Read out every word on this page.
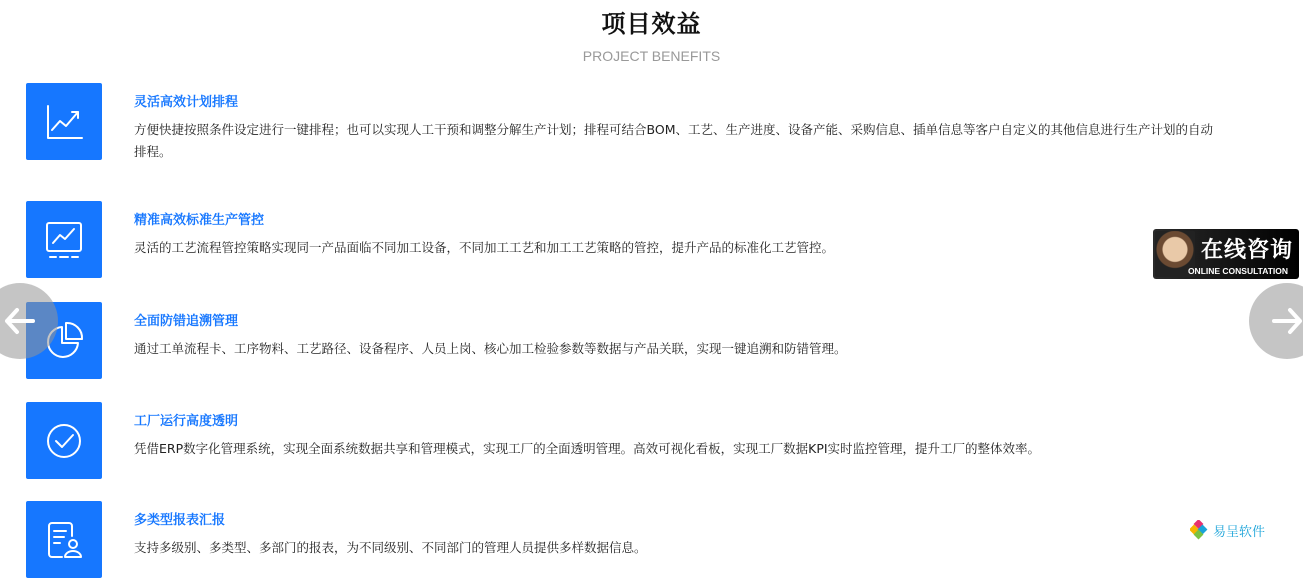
项目效益
PROJECT BENEFITS
灵活高效计划排程
方便快捷按照条件设定进行一键排程；也可以实现人工干预和调整分解生产计划；排程可结合BOM、工艺、生产进度、设备产能、采购信息、插单信息等客户自定义的其他信息进行生产计划的自动排程。
精准高效标准生产管控
灵活的工艺流程管控策略实现同一产品面临不同加工设备，不同加工工艺和加工工艺策略的管控，提升产品的标准化工艺管控。
全面防错追溯管理
通过工单流程卡、工序物料、工艺路径、设备程序、人员上岗、核心加工检验参数等数据与产品关联，实现一键追溯和防错管理。
工厂运行高度透明
凭借ERP数字化管理系统，实现全面系统数据共享和管理模式，实现工厂的全面透明管理。高效可视化看板，实现工厂数据KPI实时监控管理，提升工厂的整体效率。
多类型报表汇报
支持多级别、多类型、多部门的报表，为不同级别、不同部门的管理人员提供多样数据信息。
在线咨询
ONLINE CONSULTATION
易呈软件
